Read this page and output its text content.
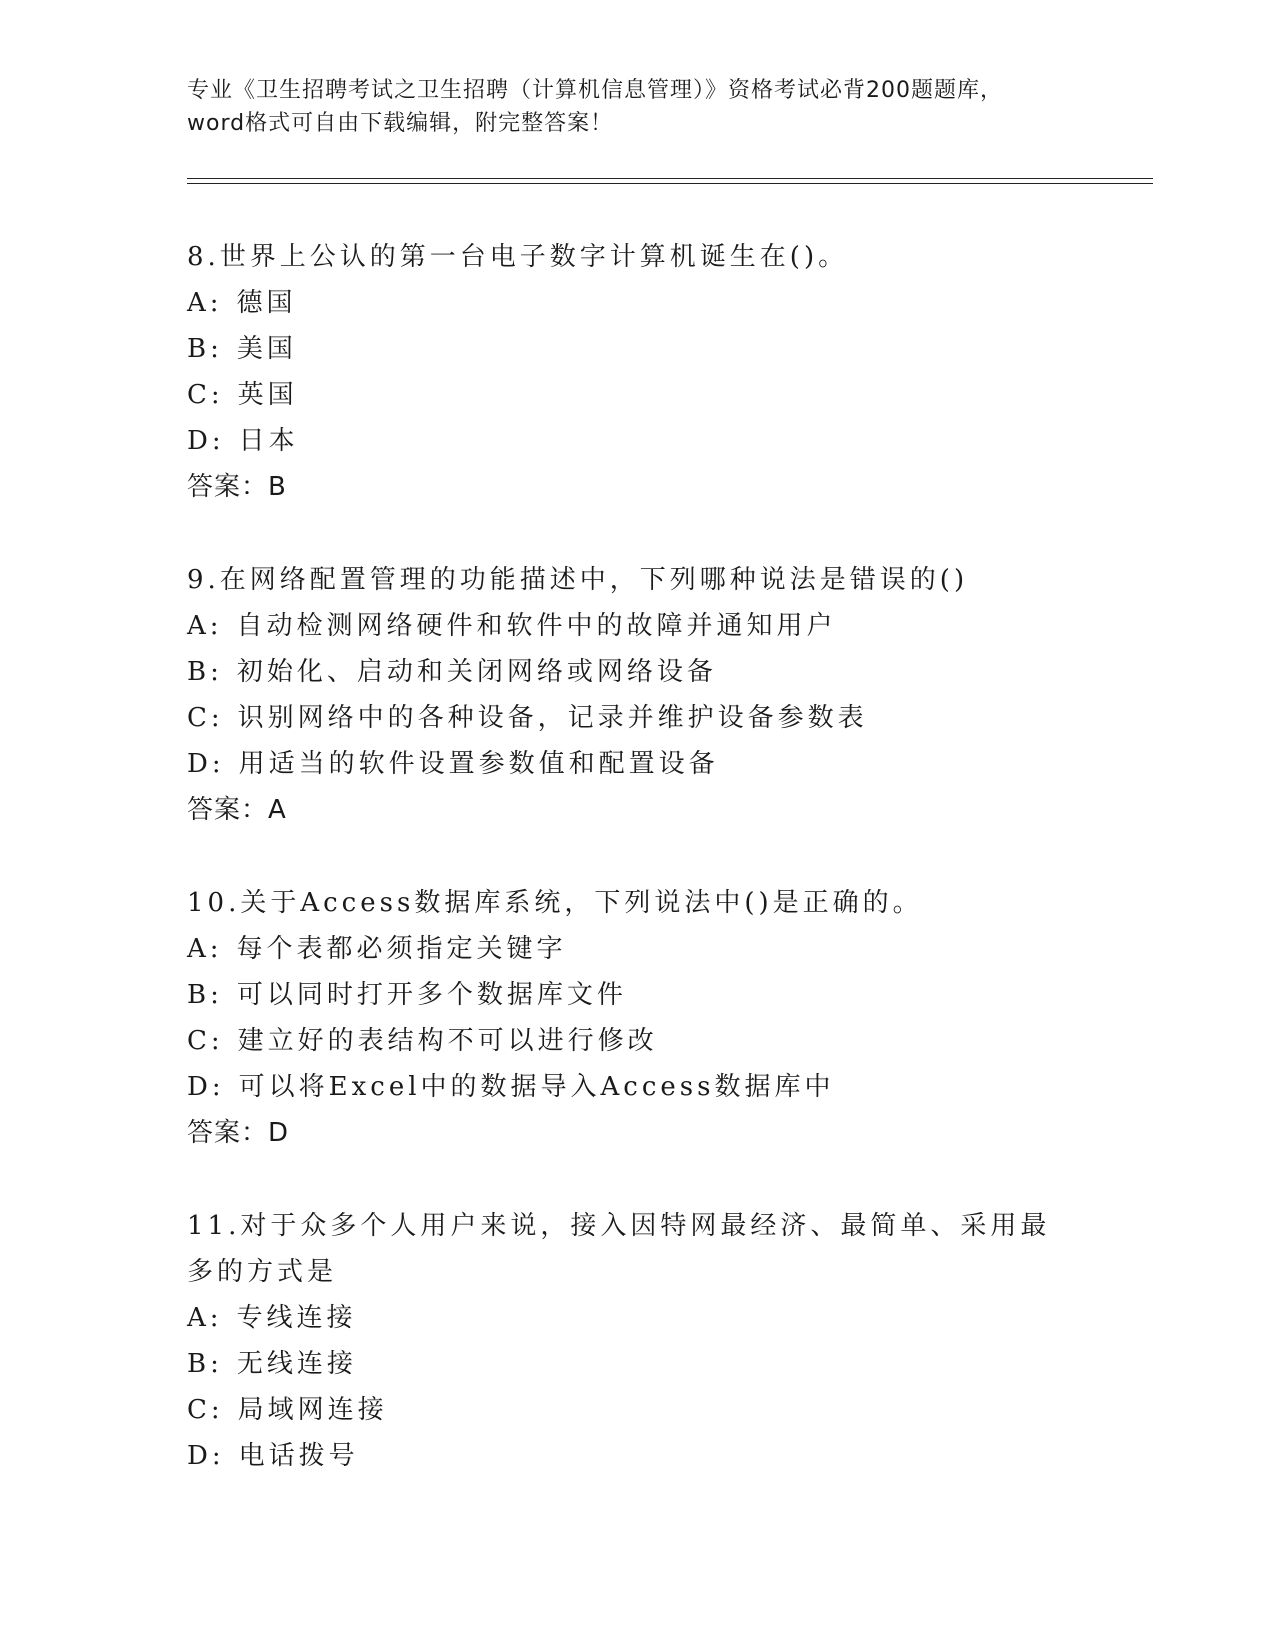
专业《卫生招聘考试之卫生招聘（计算机信息管理）》资格考试必背200题题库，
word格式可自由下载编辑，附完整答案！
8.世界上公认的第一台电子数字计算机诞生在()。
A: 德国
B: 美国
C: 英国
D: 日本
答案：B
9.在网络配置管理的功能描述中，下列哪种说法是错误的()
A: 自动检测网络硬件和软件中的故障并通知用户
B: 初始化、启动和关闭网络或网络设备
C: 识别网络中的各种设备，记录并维护设备参数表
D: 用适当的软件设置参数值和配置设备
答案：A
10.关于Access数据库系统，下列说法中()是正确的。
A: 每个表都必须指定关键字
B: 可以同时打开多个数据库文件
C: 建立好的表结构不可以进行修改
D: 可以将Excel中的数据导入Access数据库中
答案：D
11.对于众多个人用户来说，接入因特网最经济、最简单、采用最多的方式是
A: 专线连接
B: 无线连接
C: 局域网连接
D: 电话拨号
